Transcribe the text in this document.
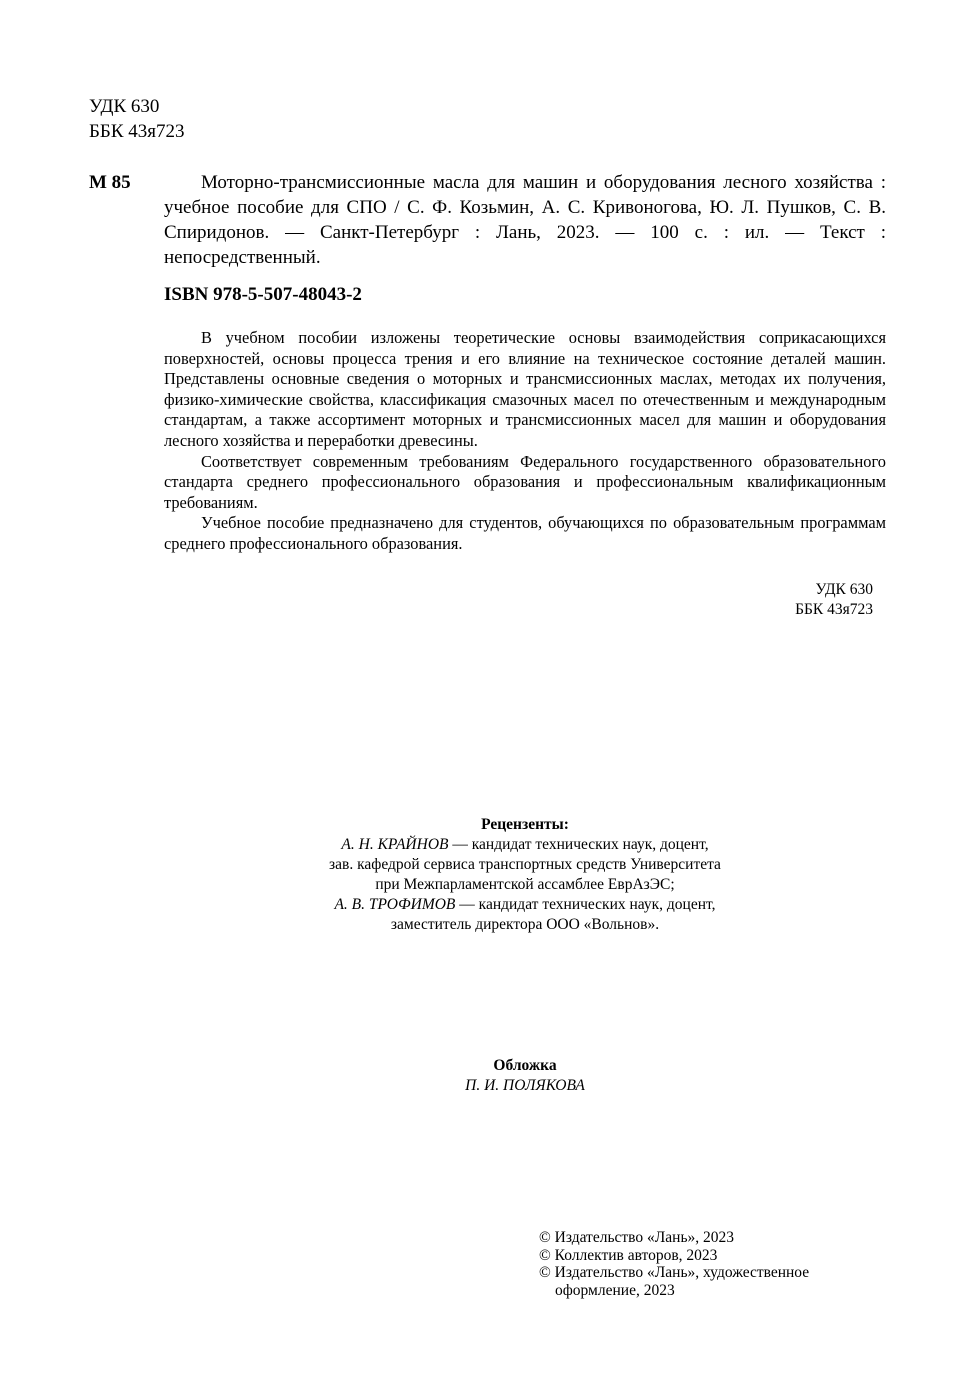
УДК 630
ББК 43я723
М 85	Моторно-трансмиссионные масла для машин и оборудования лесного хозяйства : учебное пособие для СПО / С. Ф. Козьмин, А. С. Кривоногова, Ю. Л. Пушков, С. В. Спиридонов. — Санкт-Петербург : Лань, 2023. — 100 с. : ил. — Текст : непосредственный.
ISBN 978-5-507-48043-2

В учебном пособии изложены теоретические основы взаимодействия соприкасающихся поверхностей, основы процесса трения и его влияние на техническое состояние деталей машин. Представлены основные сведения о моторных и трансмиссионных маслах, методах их получения, физико-химические свойства, классификация смазочных масел по отечественным и международным стандартам, а также ассортимент моторных и трансмиссионных масел для машин и оборудования лесного хозяйства и переработки древесины.

Соответствует современным требованиям Федерального государственного образовательного стандарта среднего профессионального образования и профессиональным квалификационным требованиям.

Учебное пособие предназначено для студентов, обучающихся по образовательным программам среднего профессионального образования.

УДК 630
ББК 43я723
Рецензенты:
А. Н. КРАЙНОВ — кандидат технических наук, доцент,
зав. кафедрой сервиса транспортных средств Университета
при Межпарламентской ассамблее ЕврАзЭС;
А. В. ТРОФИМОВ — кандидат технических наук, доцент,
заместитель директора ООО «Вольнов».
Обложка
П. И. ПОЛЯКОВА
© Издательство «Лань», 2023
© Коллектив авторов, 2023
© Издательство «Лань», художественное
оформление, 2023
